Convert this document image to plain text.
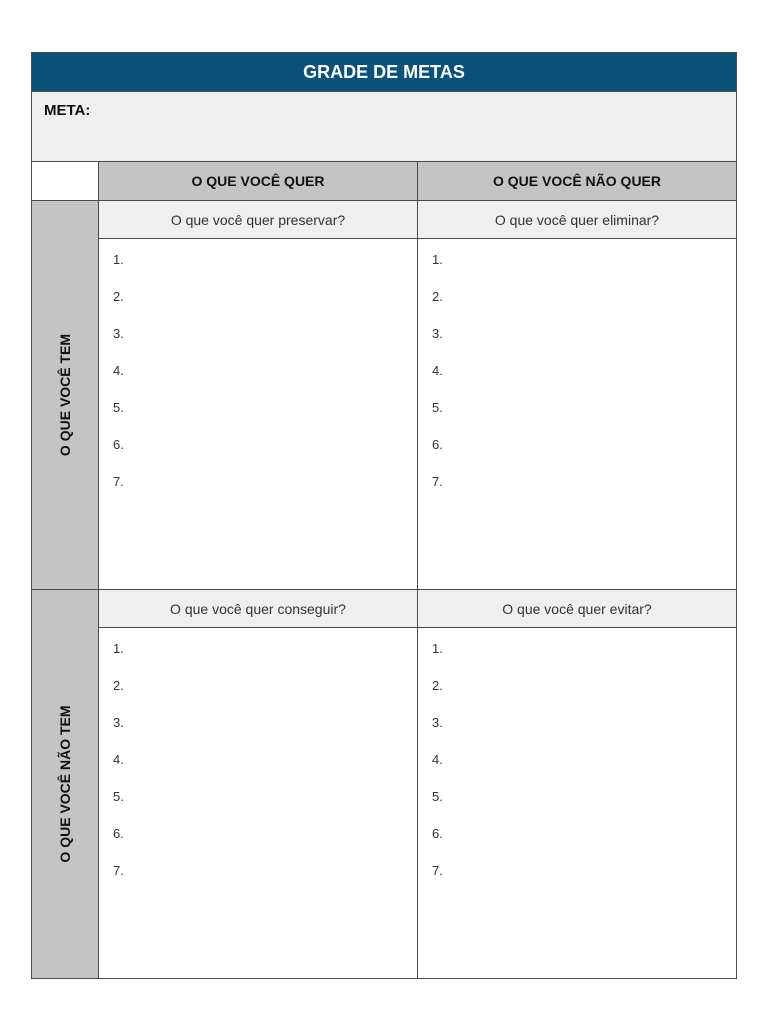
GRADE DE METAS
META:
O QUE VOCÊ QUER	O QUE VOCÊ NÃO QUER
O QUE VOCÊ TEM
O QUE VOCÊ NÃO TEM
O que você quer preservar?
1.
2.
3.
4.
5.
6.
7.
O que você quer eliminar?
1.
2.
3.
4.
5.
6.
7.
O que você quer conseguir?
1.
2.
3.
4.
5.
6.
7.
O que você quer evitar?
1.
2.
3.
4.
5.
6.
7.
